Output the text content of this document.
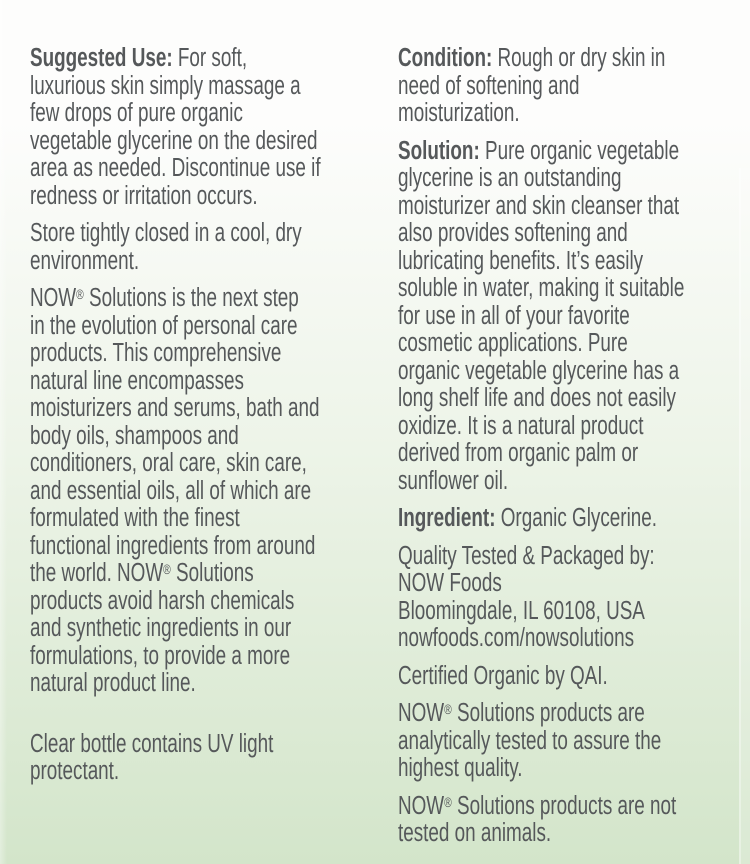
Suggested Use: For soft,
luxurious skin simply massage a
few drops of pure organic
vegetable glycerine on the desired
area as needed. Discontinue use if
redness or irritation occurs.

Store tightly closed in a cool, dry
environment.

NOW® Solutions is the next step
in the evolution of personal care
products. This comprehensive
natural line encompasses
moisturizers and serums, bath and
body oils, shampoos and
conditioners, oral care, skin care,
and essential oils, all of which are
formulated with the finest
functional ingredients from around
the world. NOW® Solutions
products avoid harsh chemicals
and synthetic ingredients in our
formulations, to provide a more
natural product line.

Clear bottle contains UV light
protectant.

Condition: Rough or dry skin in
need of softening and
moisturization.

Solution: Pure organic vegetable
glycerine is an outstanding
moisturizer and skin cleanser that
also provides softening and
lubricating benefits. It’s easily
soluble in water, making it suitable
for use in all of your favorite
cosmetic applications. Pure
organic vegetable glycerine has a
long shelf life and does not easily
oxidize. It is a natural product
derived from organic palm or
sunflower oil.

Ingredient: Organic Glycerine.

Quality Tested & Packaged by:
NOW Foods
Bloomingdale, IL 60108, USA
nowfoods.com/nowsolutions

Certified Organic by QAI.

NOW® Solutions products are
analytically tested to assure the
highest quality.

NOW® Solutions products are not
tested on animals.
